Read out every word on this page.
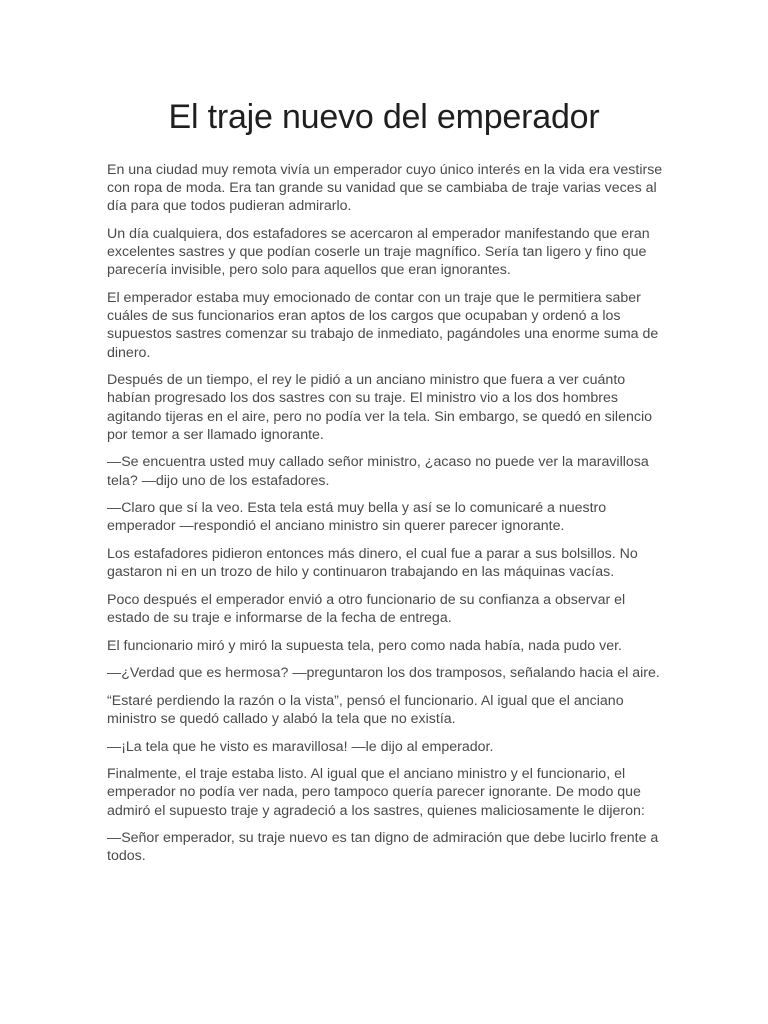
El traje nuevo del emperador

En una ciudad muy remota vivía un emperador cuyo único interés en la vida era vestirse con ropa de moda. Era tan grande su vanidad que se cambiaba de traje varias veces al día para que todos pudieran admirarlo.

Un día cualquiera, dos estafadores se acercaron al emperador manifestando que eran excelentes sastres y que podían coserle un traje magnífico. Sería tan ligero y fino que parecería invisible, pero solo para aquellos que eran ignorantes.

El emperador estaba muy emocionado de contar con un traje que le permitiera saber cuáles de sus funcionarios eran aptos de los cargos que ocupaban y ordenó a los supuestos sastres comenzar su trabajo de inmediato, pagándoles una enorme suma de dinero.

Después de un tiempo, el rey le pidió a un anciano ministro que fuera a ver cuánto habían progresado los dos sastres con su traje. El ministro vio a los dos hombres agitando tijeras en el aire, pero no podía ver la tela. Sin embargo, se quedó en silencio por temor a ser llamado ignorante.

—Se encuentra usted muy callado señor ministro, ¿acaso no puede ver la maravillosa tela? —dijo uno de los estafadores.

—Claro que sí la veo. Esta tela está muy bella y así se lo comunicaré a nuestro emperador —respondió el anciano ministro sin querer parecer ignorante.

Los estafadores pidieron entonces más dinero, el cual fue a parar a sus bolsillos. No gastaron ni en un trozo de hilo y continuaron trabajando en las máquinas vacías.

Poco después el emperador envió a otro funcionario de su confianza a observar el estado de su traje e informarse de la fecha de entrega.

El funcionario miró y miró la supuesta tela, pero como nada había, nada pudo ver.

—¿Verdad que es hermosa? —preguntaron los dos tramposos, señalando hacia el aire.

“Estaré perdiendo la razón o la vista”, pensó el funcionario. Al igual que el anciano ministro se quedó callado y alabó la tela que no existía.

—¡La tela que he visto es maravillosa! —le dijo al emperador.

Finalmente, el traje estaba listo. Al igual que el anciano ministro y el funcionario, el emperador no podía ver nada, pero tampoco quería parecer ignorante. De modo que admiró el supuesto traje y agradeció a los sastres, quienes maliciosamente le dijeron:

—Señor emperador, su traje nuevo es tan digno de admiración que debe lucirlo frente a todos.
